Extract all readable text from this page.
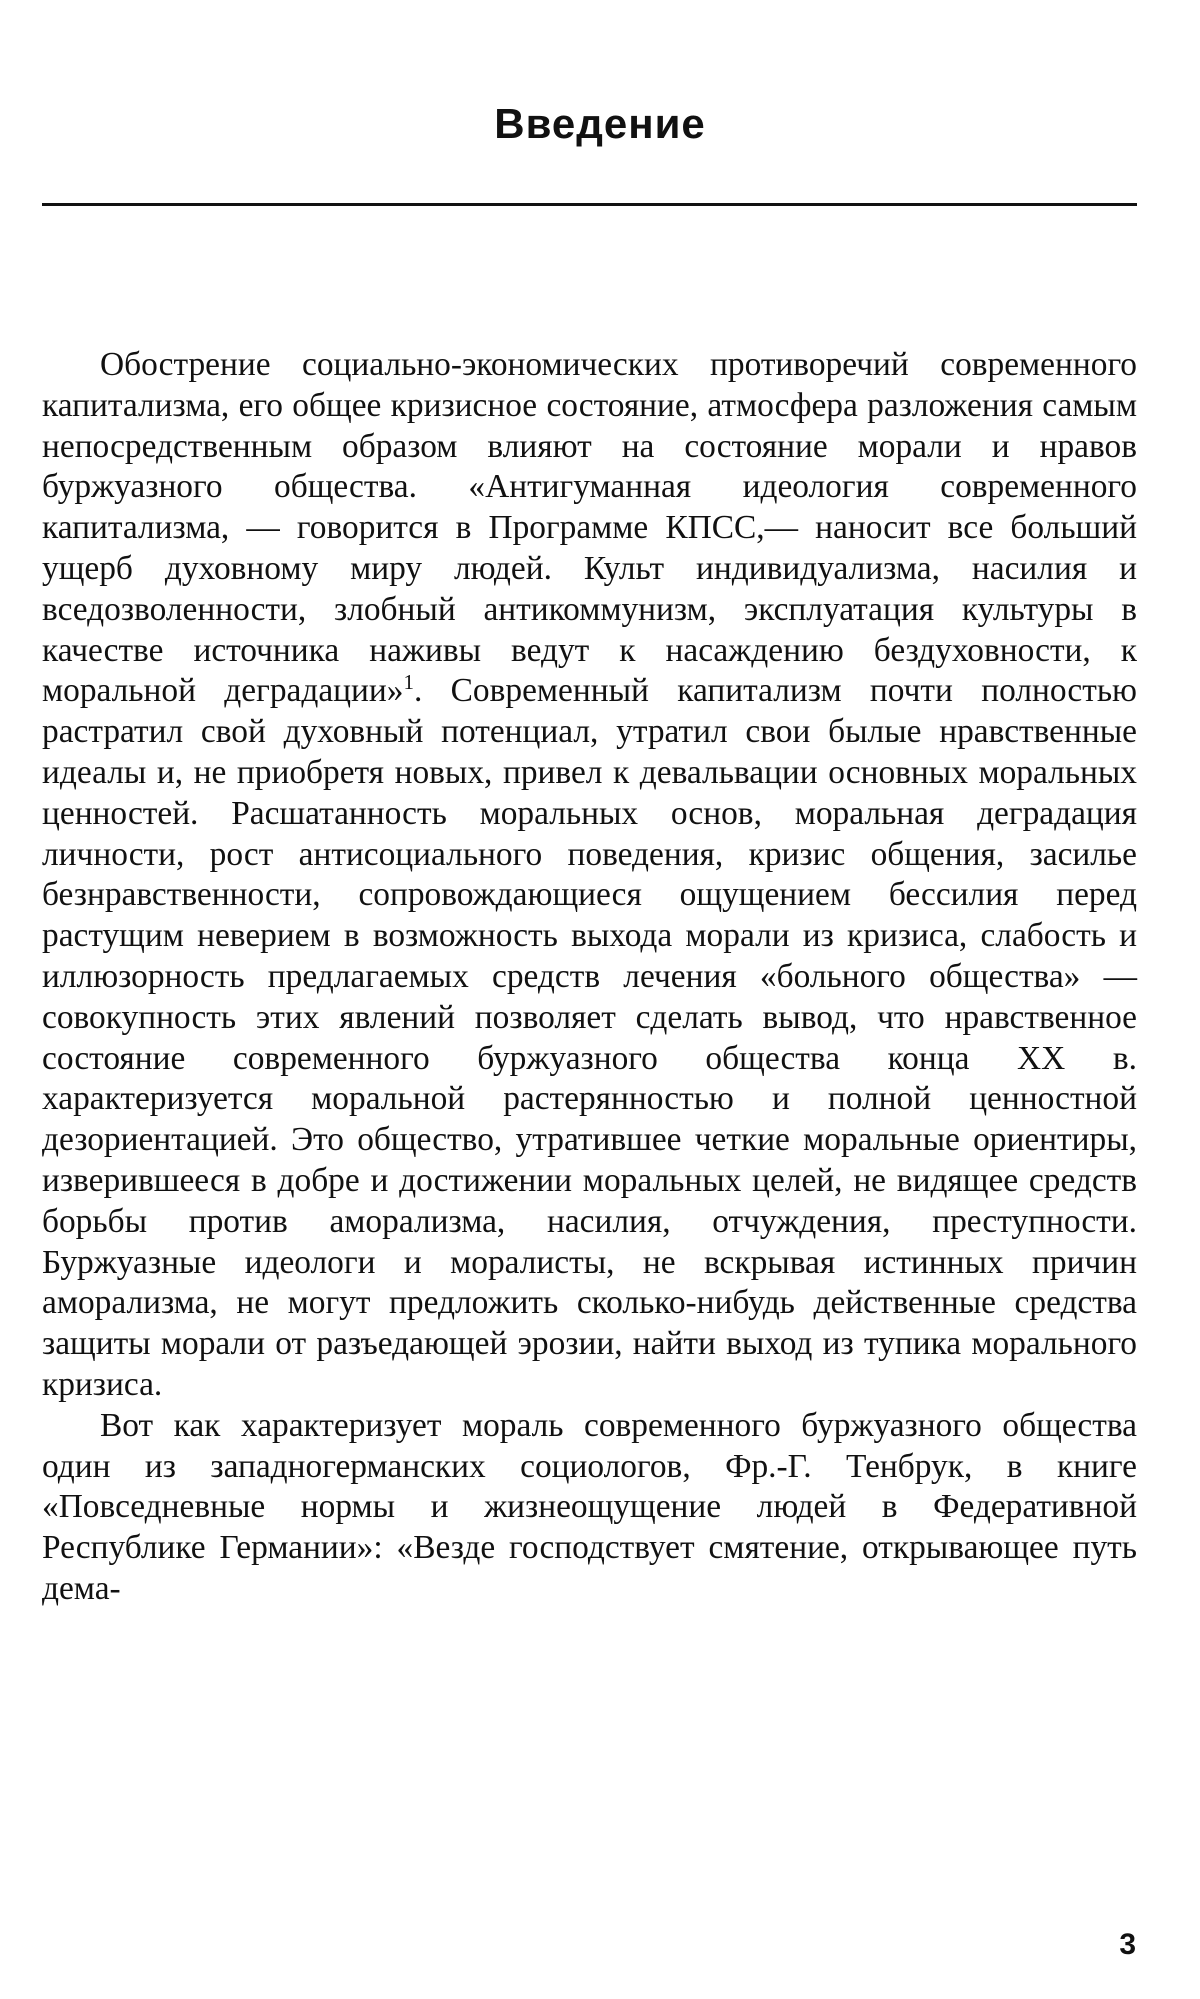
Введение

Обострение социально-экономических противоречий современного капитализма, его общее кризисное состояние, атмосфера разложения самым непосредственным образом влияют на состояние морали и нравов буржуазного общества. «Антигуманная идеология современного капитализма, — говорится в Программе КПСС,— наносит все больший ущерб духовному миру людей. Культ индивидуализма, насилия и вседозволенности, злобный антикоммунизм, эксплуатация культуры в качестве источника наживы ведут к насаждению бездуховности, к моральной деградации»$^1$. Современный капитализм почти полностью растратил свой духовный потенциал, утратил свои былые нравственные идеалы и, не приобретя новых, привел к девальвации основных моральных ценностей. Расшатанность моральных основ, моральная деградация личности, рост антисоциального поведения, кризис общения, засилье безнравственности, сопровождающиеся ощущением бессилия перед растущим неверием в возможность выхода морали из кризиса, слабость и иллюзорность предлагаемых средств лечения «больного общества» — совокупность этих явлений позволяет сделать вывод, что нравственное состояние современного буржуазного общества конца XX в. характеризуется моральной растерянностью и полной ценностной дезориентацией. Это общество, утратившее четкие моральные ориентиры, изверившееся в добре и достижении моральных целей, не видящее средств борьбы против аморализма, насилия, отчуждения, преступности. Буржуазные идеологи и моралисты, не вскрывая истинных причин аморализма, не могут предложить сколько-нибудь действенные средства защиты морали от разъедающей эрозии, найти выход из тупика морального кризиса.

Вот как характеризует мораль современного буржуазного общества один из западногерманских социологов, Фр.-Г. Тенбрук, в книге «Повседневные нормы и жизнеощущение людей в Федеративной Республике Германии»: «Везде господствует смятение, открывающее путь дема-

3
